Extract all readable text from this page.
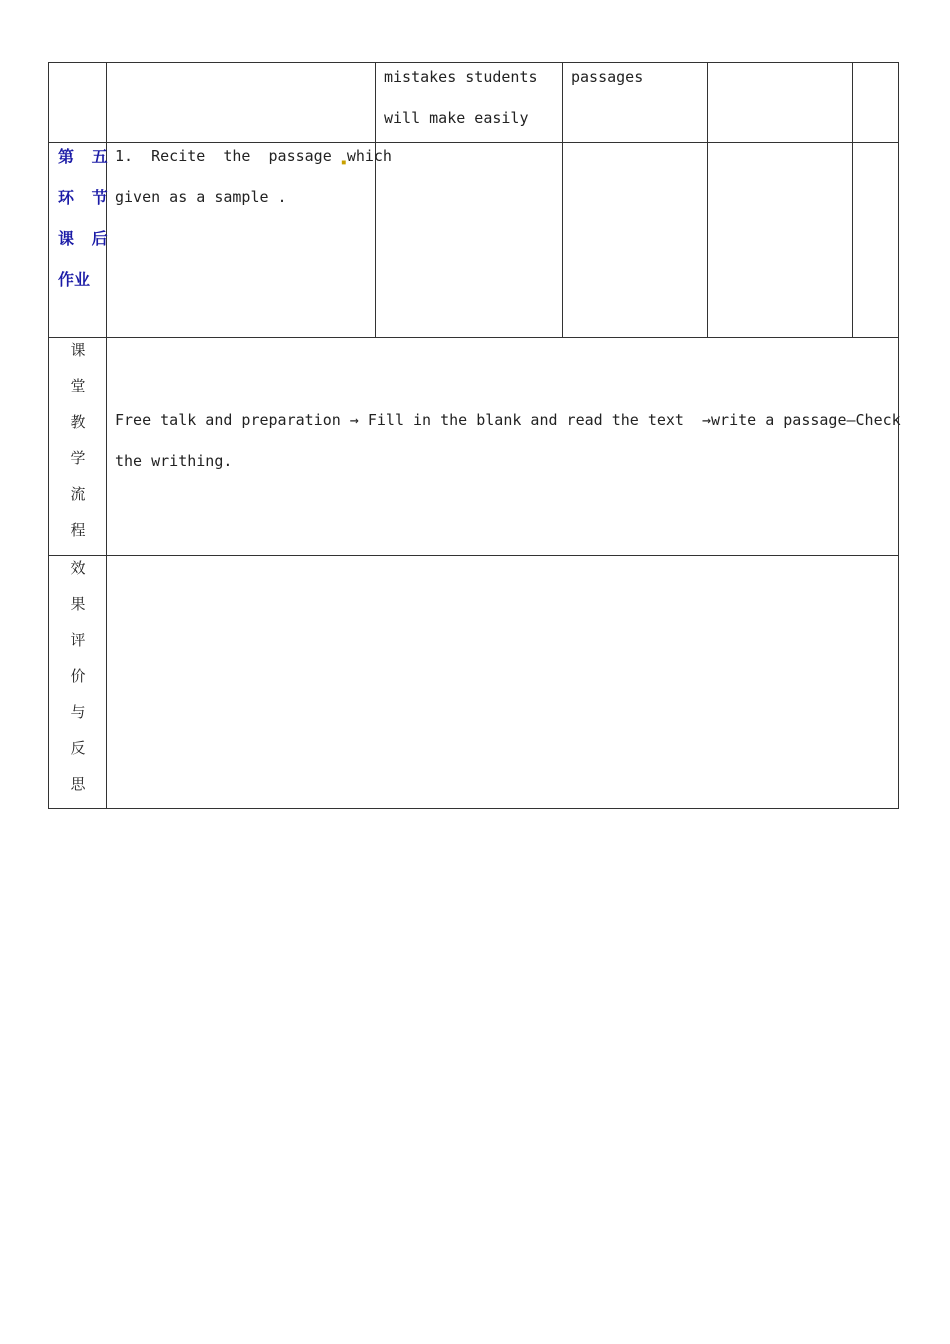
mistakes students
will make easily
passages
第 五
环 节
课 后
作业
1.  Recite  the  passage $_▪$which
given as a sample .
课
堂
教
学
流
程
Free talk and preparation → Fill in the blank and read the text  →write a passage—Check
the writhing.
效
果
评
价
与
反
思
